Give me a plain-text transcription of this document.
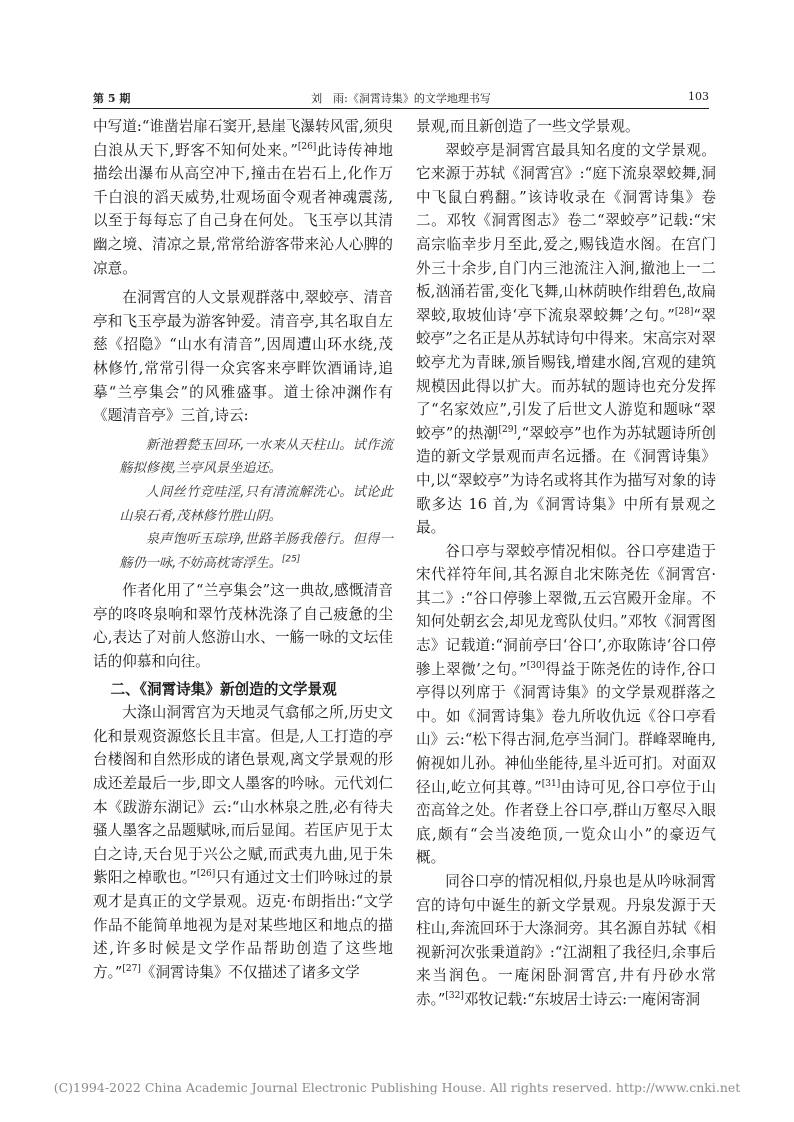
第 5 期	刘　雨:《洞霄诗集》的文学地理书写	103

中写道:“谁凿岩扉石窦开,悬崖飞瀑转风雷,须臾白浪从天下,野客不知何处来。”[26]此诗传神地描绘出瀑布从高空冲下,撞击在岩石上,化作万千白浪的滔天威势,壮观场面令观者神魂震荡,以至于每每忘了自己身在何处。飞玉亭以其清幽之境、清凉之景,常常给游客带来沁人心脾的凉意。

在洞霄宫的人文景观群落中,翠蛟亭、清音亭和飞玉亭最为游客钟爱。清音亭,其名取自左慈《招隐》“山水有清音”,因周遭山环水绕,茂林修竹,常常引得一众宾客来亭畔饮酒诵诗,追摹“兰亭集会”的风雅盛事。道士徐冲渊作有《题清音亭》三首,诗云:

新池碧甃玉回环,一水来从天柱山。试作流觞拟修禊,兰亭风景坐追还。

人间丝竹竞哇淫,只有清流解洗心。试论此山泉石肴,茂林修竹胜山阴。

泉声饱听玉琮琤,世路羊肠我倦行。但得一觞仍一咏,不妨高枕寄浮生。[25]

作者化用了“兰亭集会”这一典故,感慨清音亭的咚咚泉响和翠竹茂林洗涤了自己疲惫的尘心,表达了对前人悠游山水、一觞一咏的文坛佳话的仰慕和向往。

二、《洞霄诗集》新创造的文学景观

大涤山洞霄宫为天地灵气翕郁之所,历史文化和景观资源悠长且丰富。但是,人工打造的亭台楼阁和自然形成的诸色景观,离文学景观的形成还差最后一步,即文人墨客的吟咏。元代刘仁本《跋游东湖记》云:“山水林泉之胜,必有待夫骚人墨客之品题赋咏,而后显闻。若匡庐见于太白之诗,天台见于兴公之赋,而武夷九曲,见于朱紫阳之棹歌也。”[26]只有通过文士们吟咏过的景观才是真正的文学景观。迈克·布朗指出:“文学作品不能简单地视为是对某些地区和地点的描述,许多时候是文学作品帮助创造了这些地方。”[27]《洞霄诗集》不仅描述了诸多文学

景观,而且新创造了一些文学景观。

翠蛟亭是洞霄宫最具知名度的文学景观。它来源于苏轼《洞霄宫》:“庭下流泉翠蛟舞,洞中飞鼠白鸦翻。”该诗收录在《洞霄诗集》卷二。邓牧《洞霄图志》卷二“翠蛟亭”记载:“宋高宗临幸步月至此,爱之,赐钱造水阁。在宫门外三十余步,自门内三池流注入涧,撤池上一二板,汹涌若雷,变化飞舞,山林荫映作绀碧色,故扁翠蛟,取坡仙诗‘亭下流泉翠蛟舞’之句。”[28]“翠蛟亭”之名正是从苏轼诗句中得来。宋高宗对翠蛟亭尤为青睐,颁旨赐钱,增建水阁,宫观的建筑规模因此得以扩大。而苏轼的题诗也充分发挥了“名家效应”,引发了后世文人游览和题咏“翠蛟亭”的热潮[29],“翠蛟亭”也作为苏轼题诗所创造的新文学景观而声名远播。在《洞霄诗集》中,以“翠蛟亭”为诗名或将其作为描写对象的诗歌多达 16 首,为《洞霄诗集》中所有景观之最。

谷口亭与翠蛟亭情况相似。谷口亭建造于宋代祥符年间,其名源自北宋陈尧佐《洞霄宫·其二》:“谷口停骖上翠微,五云宫殿开金扉。不知何处朝玄会,却见龙鸾队仗归。”邓牧《洞霄图志》记载道:“洞前亭曰‘谷口’,亦取陈诗‘谷口停骖上翠微’之句。”[30]得益于陈尧佐的诗作,谷口亭得以列席于《洞霄诗集》的文学景观群落之中。如《洞霄诗集》卷九所收仇远《谷口亭看山》云:“松下得古洞,危亭当洞门。群峰翠晻冉,俯视如儿孙。神仙坐能待,星斗近可扪。对面双径山,屹立何其尊。”[31]由诗可见,谷口亭位于山峦高耸之处。作者登上谷口亭,群山万壑尽入眼底,颇有“会当凌绝顶,一览众山小”的豪迈气概。

同谷口亭的情况相似,丹泉也是从吟咏洞霄宫的诗句中诞生的新文学景观。丹泉发源于天柱山,奔流回环于大涤洞旁。其名源自苏轼《相视新河次张秉道韵》:“江湖粗了我径归,余事后来当润色。一庵闲卧洞霄宫,井有丹砂水常赤。”[32]邓牧记载:“东坡居士诗云:一庵闲寄洞

(C)1994-2022 China Academic Journal Electronic Publishing House. All rights reserved. http://www.cnki.net
